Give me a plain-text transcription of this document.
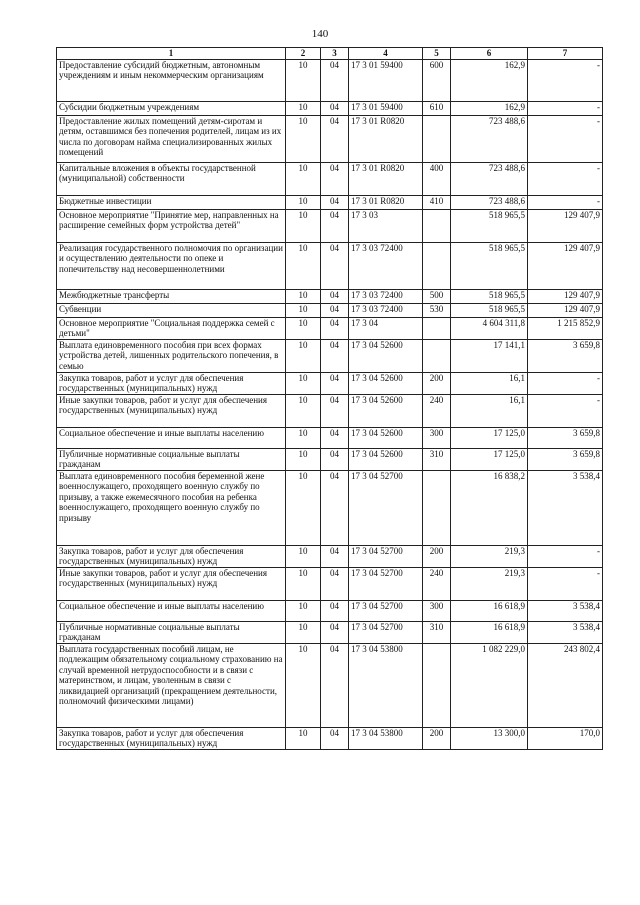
140
1	2	3	4	5	6	7
Предоставление субсидий бюджетным, автономным учреждениям и иным некоммерческим организациям	10	04	17 3 01 59400	600	162,9	-
Субсидии бюджетным учреждениям	10	04	17 3 01 59400	610	162,9	-
Предоставление жилых помещений детям-сиротам и детям, оставшимся без попечения родителей, лицам из их числа по договорам найма специализированных жилых помещений	10	04	17 3 01 R0820		723 488,6	-
Капитальные вложения в объекты государственной (муниципальной) собственности	10	04	17 3 01 R0820	400	723 488,6	-
Бюджетные инвестиции	10	04	17 3 01 R0820	410	723 488,6	-
Основное мероприятие "Принятие мер, направленных на расширение семейных форм устройства детей"	10	04	17 3 03		518 965,5	129 407,9
Реализация государственного полномочия по организации и осуществлению деятельности по опеке и попечительству над несовершеннолетними	10	04	17 3 03 72400		518 965,5	129 407,9
Межбюджетные трансферты	10	04	17 3 03 72400	500	518 965,5	129 407,9
Субвенции	10	04	17 3 03 72400	530	518 965,5	129 407,9
Основное мероприятие "Социальная поддержка семей с детьми"	10	04	17 3 04		4 604 311,8	1 215 852,9
Выплата единовременного пособия при всех формах устройства детей, лишенных родительского попечения, в семью	10	04	17 3 04 52600		17 141,1	3 659,8
Закупка товаров, работ и услуг для обеспечения государственных (муниципальных) нужд	10	04	17 3 04 52600	200	16,1	-
Иные закупки товаров, работ и услуг для обеспечения государственных (муниципальных) нужд	10	04	17 3 04 52600	240	16,1	-
Социальное обеспечение и иные выплаты населению	10	04	17 3 04 52600	300	17 125,0	3 659,8
Публичные нормативные социальные выплаты гражданам	10	04	17 3 04 52600	310	17 125,0	3 659,8
Выплата единовременного пособия беременной жене военнослужащего, проходящего военную службу по призыву, а также ежемесячного пособия на ребенка военнослужащего, проходящего военную службу по призыву	10	04	17 3 04 52700		16 838,2	3 538,4
Закупка товаров, работ и услуг для обеспечения государственных (муниципальных) нужд	10	04	17 3 04 52700	200	219,3	-
Иные закупки товаров, работ и услуг для обеспечения государственных (муниципальных) нужд	10	04	17 3 04 52700	240	219,3	-
Социальное обеспечение и иные выплаты населению	10	04	17 3 04 52700	300	16 618,9	3 538,4
Публичные нормативные социальные выплаты гражданам	10	04	17 3 04 52700	310	16 618,9	3 538,4
Выплата государственных пособий лицам, не подлежащим обязательному социальному страхованию на случай временной нетрудоспособности и в связи с материнством, и лицам, уволенным в связи с ликвидацией организаций (прекращением деятельности, полномочий физическими лицами)	10	04	17 3 04 53800		1 082 229,0	243 802,4
Закупка товаров, работ и услуг для обеспечения государственных (муниципальных) нужд	10	04	17 3 04 53800	200	13 300,0	170,0
